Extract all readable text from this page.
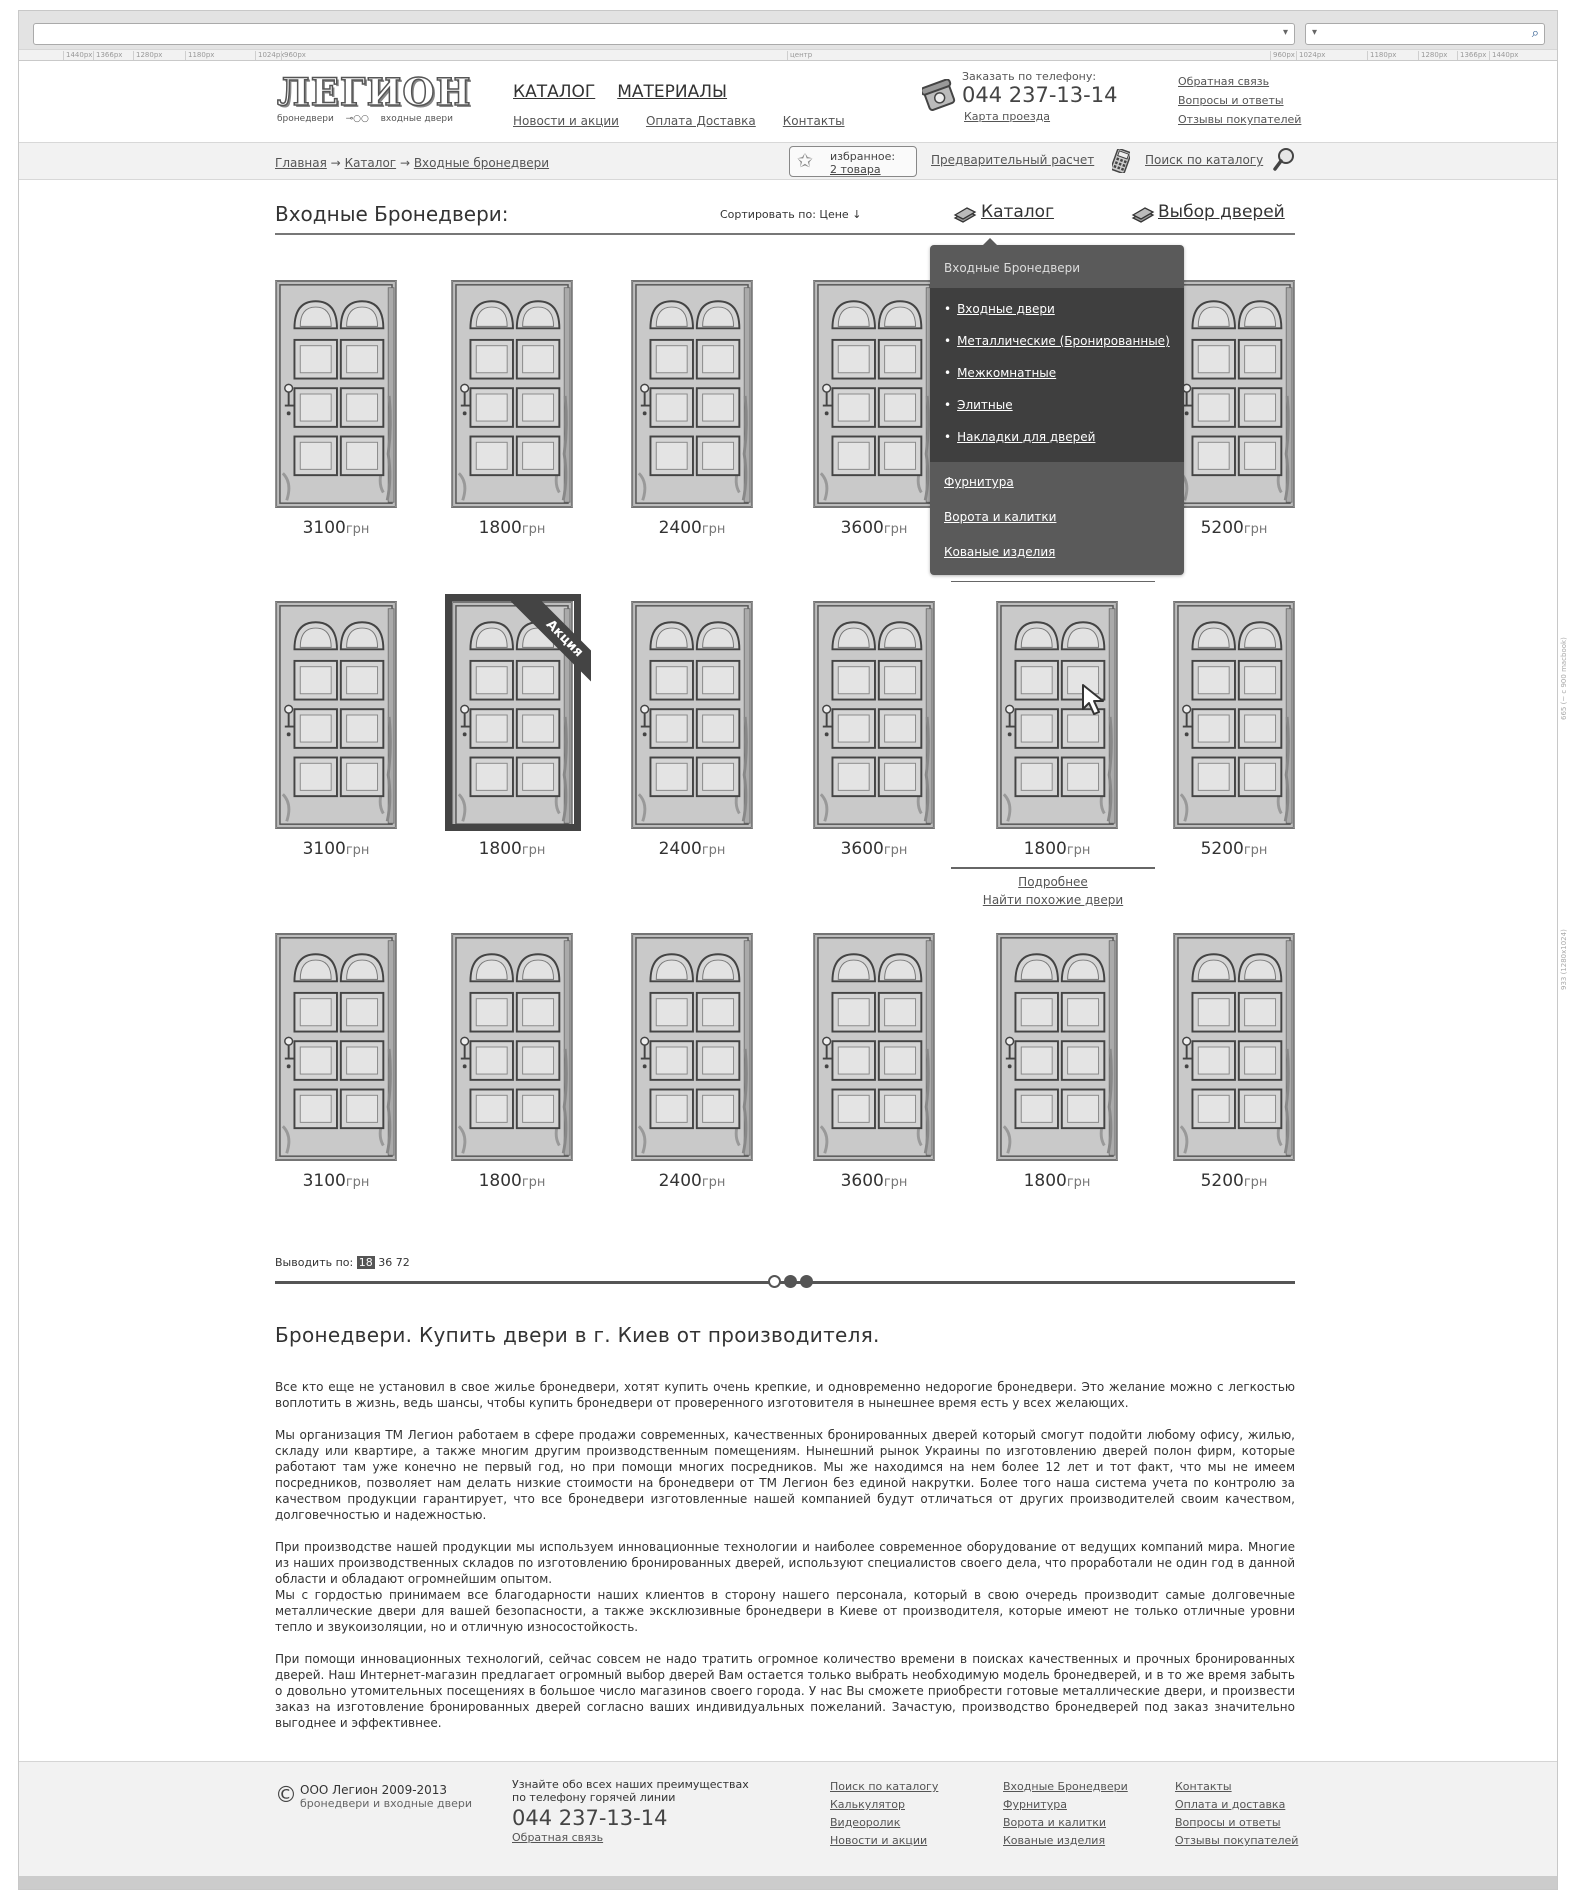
▾ ▾	⌕
1440px 1366px	1280px	1180px	1024px 960px	центр	960px 1024px	1180px	1280px	1366px 1440px
ЛЕГИОН
бронедвери ⊸○○ входные двери
КАТАЛОГ МАТЕРИАЛЫ
Новости и акции Оплата Доставка Контакты
Заказать по телефону:
044 237-13-14
Карта проезда
Обратная связь
Вопросы и ответы
Отзывы покупателей
Главная → Каталог → Входные бронедвери	✩ избранное:
2 товара
Предварительный расчет	Поиск по каталогу
Входные Бронедвери:	Сортировать по: Цене ↓	Каталог	Выбор дверей
3100грн	1800грн	2400грн	3600грн	5200грн
3100грн	1800грн	2400грн	3600грн	1800грн	5200грн
3100грн	1800грн	2400грн	3600грн	1800грн	5200грн
Акция
Подробнее
Найти похожие двери
Входные Бронедвери
• Входные двери
• Металлические (Бронированные)
• Межкомнатные
• Элитные
• Накладки для дверей
Фурнитура
Ворота и калитки
Кованые изделия
Выводить по: 18 36 72
Бронедвери. Купить двери в г. Киев от производителя.

Все кто еще не установил в свое жилье бронедвери, хотят купить очень крепкие, и одновременно недорогие бронедвери. Это желание можно с легкостью воплотить в жизнь, ведь шансы, чтобы купить бронедвери от проверенного изготовителя в нынешнее время есть у всех желающих.

Мы организация ТМ Легион работаем в сфере продажи современных, качественных бронированных дверей который смогут подойти любому офису, жилью, складу или квартире, а также многим другим производственным помещениям. Нынешний рынок Украины по изготовлению дверей полон фирм, которые работают там уже конечно не первый год, но при помощи многих посредников. Мы же находимся на нем более 12 лет и тот факт, что мы не имеем посредников, позволяет нам делать низкие стоимости на бронедвери от ТМ Легион без единой накрутки. Более того наша система учета по контролю за качеством продукции гарантирует, что все бронедвери изготовленные нашей компанией будут отличаться от других производителей своим качеством, долговечностью и надежностью.

При производстве нашей продукции мы используем инновационные технологии и наиболее современное оборудование от ведущих компаний мира. Многие из наших производственных складов по изготовлению бронированных дверей, используют специалистов своего дела, что проработали не один год в данной области и обладают огромнейшим опытом.

Мы с гордостью принимаем все благодарности наших клиентов в сторону нашего персонала, который в свою очередь производит самые долговечные металлические двери для вашей безопасности, а также эксклюзивные бронедвери в Киеве от производителя, которые имеют не только отличные уровни тепло и звукоизоляции, но и отличную износостойкость.

При помощи инновационных технологий, сейчас совсем не надо тратить огромное количество времени в поисках качественных и прочных бронированных дверей. Наш Интернет-магазин предлагает огромный выбор дверей Вам остается только выбрать необходимую модель бронедверей, и в то же время забыть о довольно утомительных посещениях в большое число магазинов своего города. У нас Вы сможете приобрести готовые металлические двери, и произвести заказ на изготовление бронированных дверей согласно ваших индивидуальных пожеланий. Зачастую, производство бронедверей под заказ значительно выгоднее и эффективнее.

© ООО Легион 2009-2013
бронедвери и входные двери
Узнайте обо всех наших преимуществах по телефону горячей линии
044 237-13-14
Обратная связь
Поиск по каталогу
Калькулятор
Видеоролик
Новости и акции
Входные Бронедвери
Фурнитура
Ворота и калитки
Кованые изделия
Контакты
Оплата и доставка
Вопросы и ответы
Отзывы покупателей
665 (~ c 900 macbook)
933 (1280x1024)
